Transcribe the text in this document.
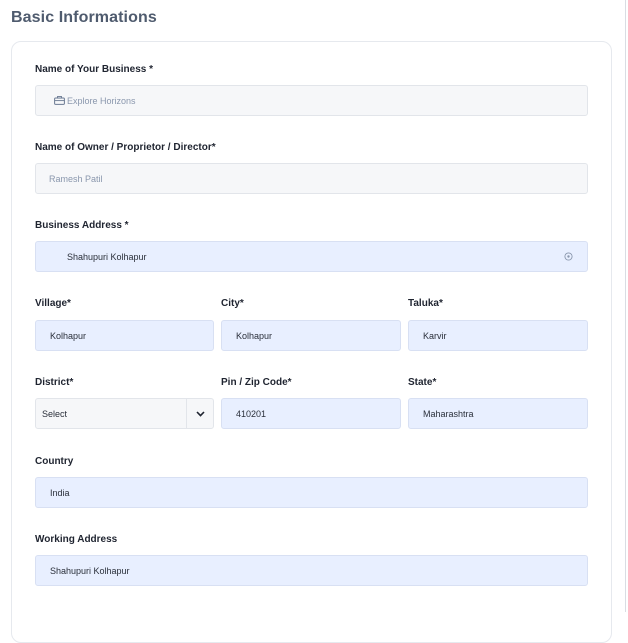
Basic Informations
Name of Your Business *
Explore Horizons
Name of Owner / Proprietor / Director*
Ramesh Patil
Business Address *
Shahupuri Kolhapur
Village*
Kolhapur
City*
Kolhapur
Taluka*
Karvir
District*
Select
Pin / Zip Code*
410201
State*
Maharashtra
Country
India
Working Address
Shahupuri Kolhapur
